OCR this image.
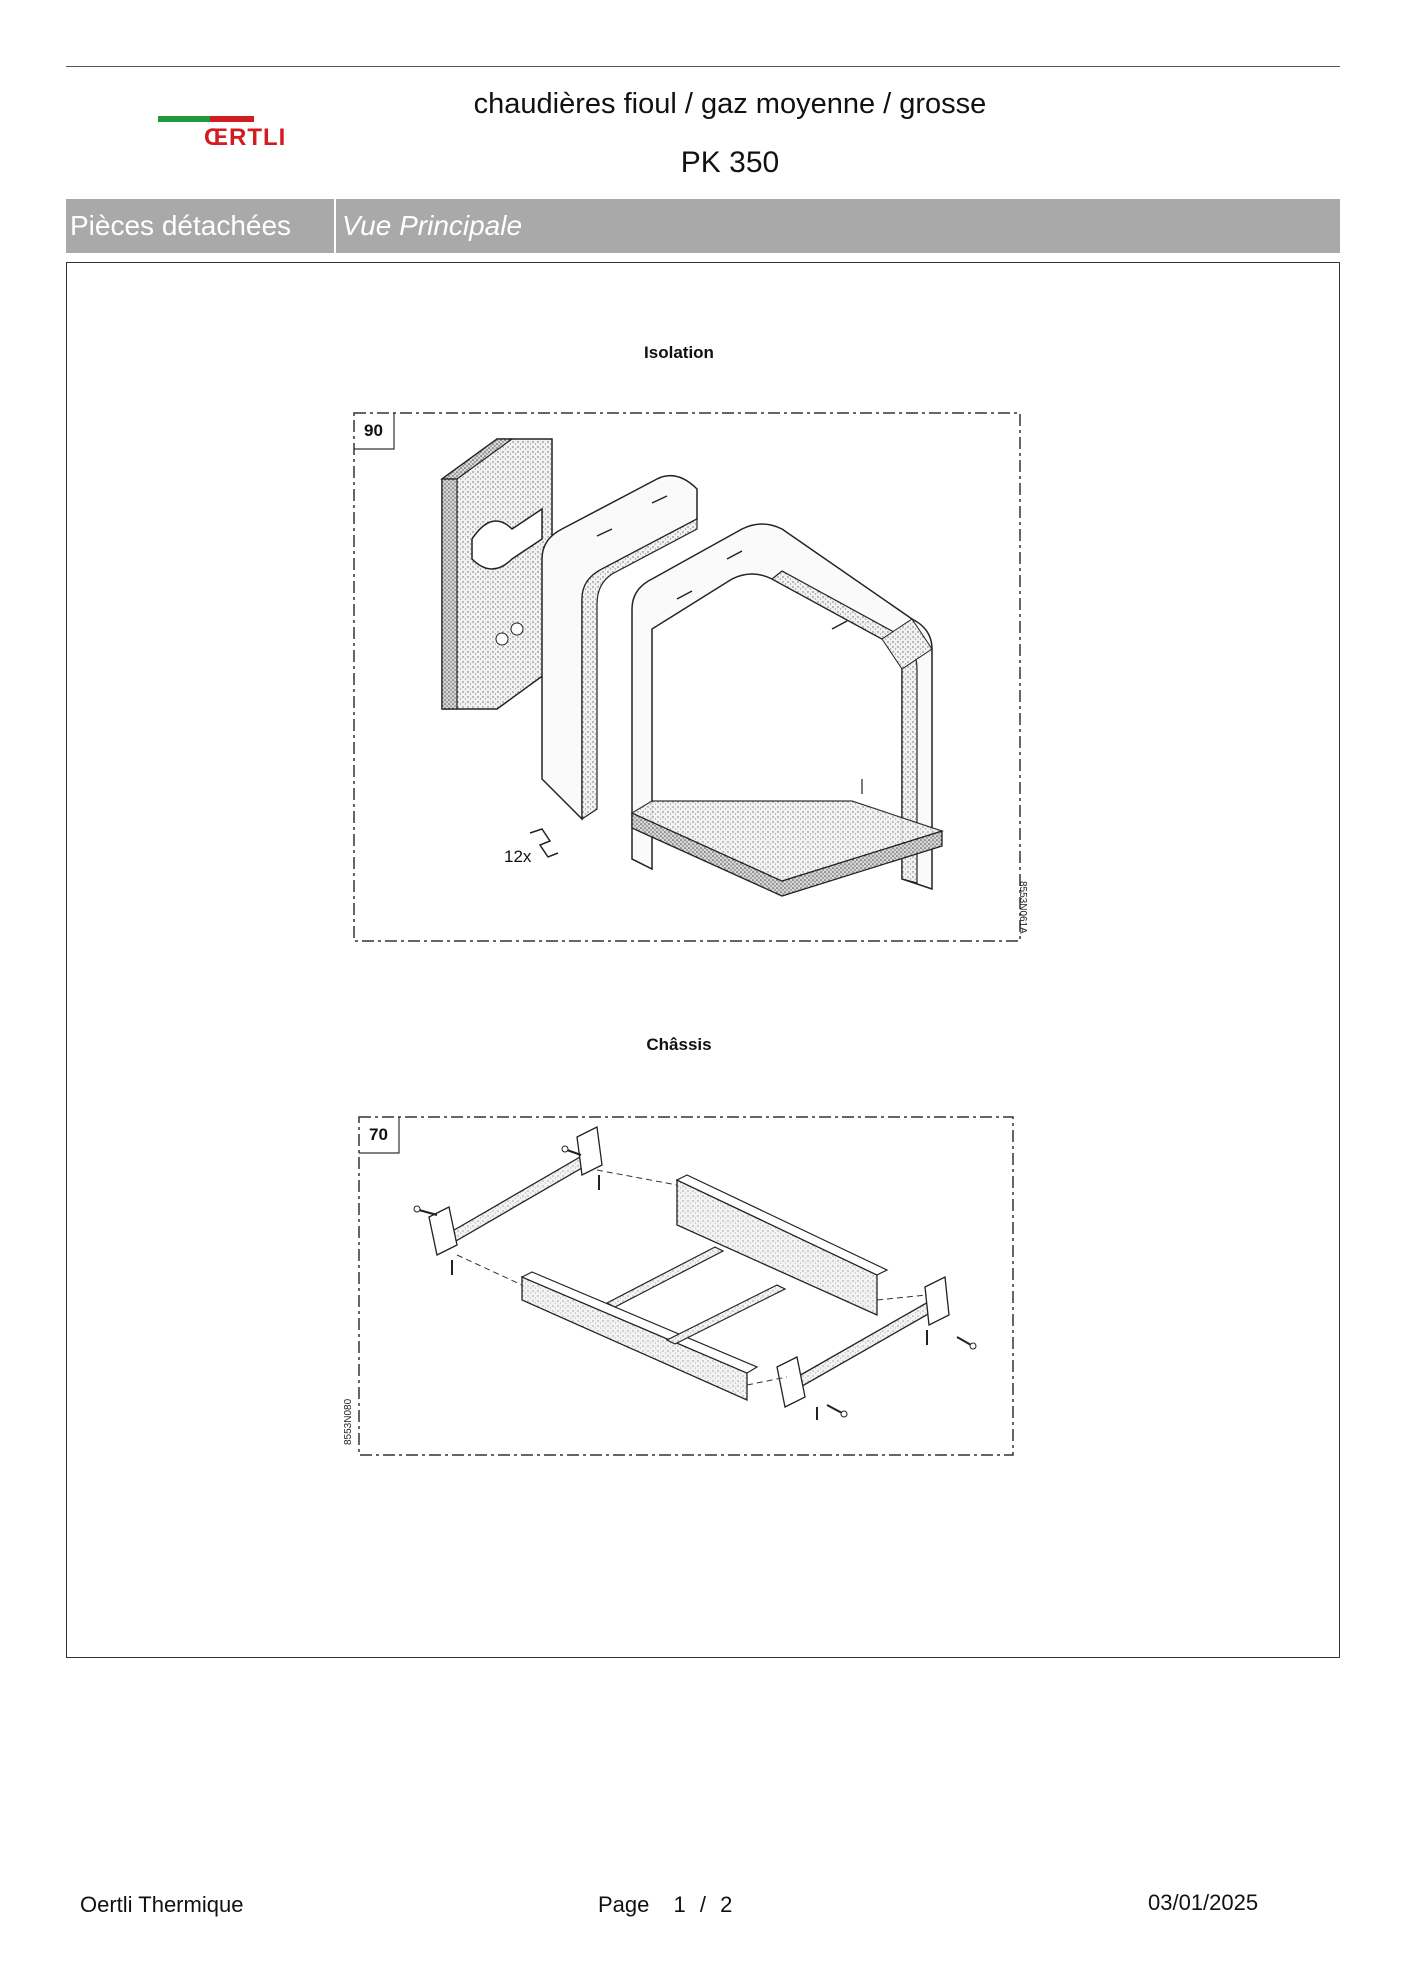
ŒRTLI
chaudières fioul / gaz moyenne / grosse
PK 350
Pièces détachées	Vue Principale
Isolation
90
12x
8553N061A
Châssis
70
8553N080
Oertli Thermique	Page 1 / 2	03/01/2025
